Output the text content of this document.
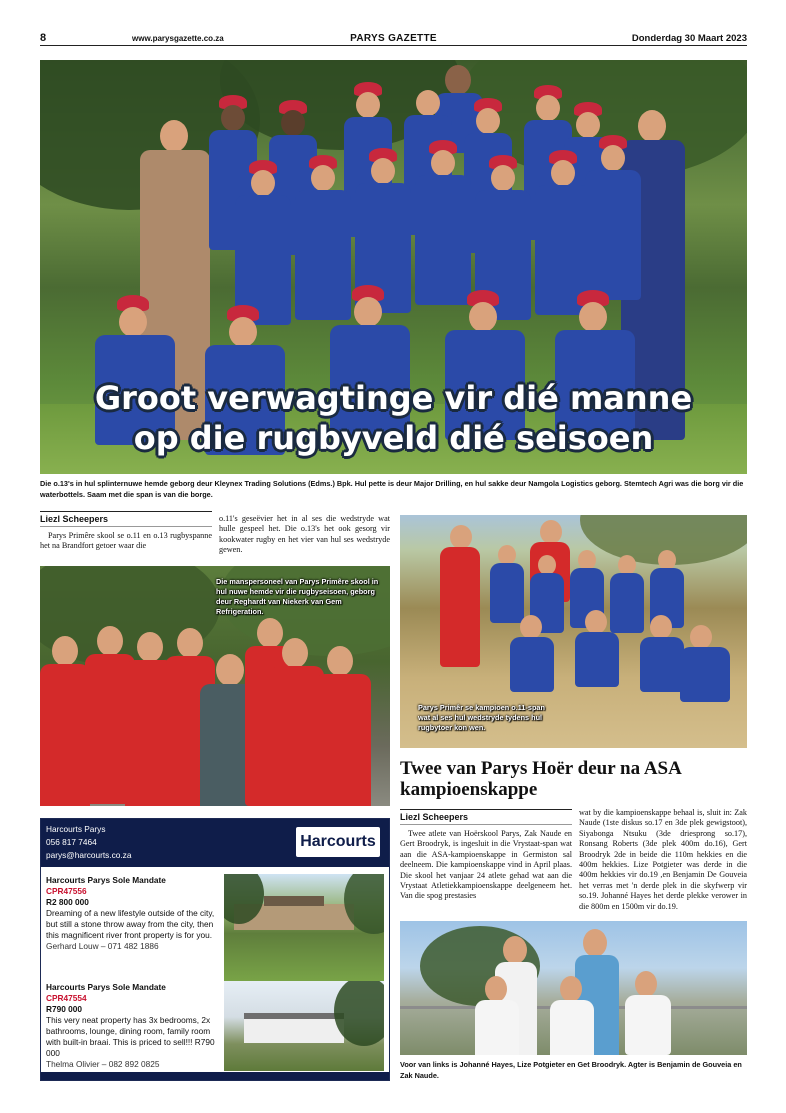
8	www.parysgazette.co.za	PARYS GAZETTE	Donderdag 30 Maart 2023
Groot verwagtinge vir dié manne
op die rugbyveld dié seisoen
Die o.13's in hul splinternuwe hemde geborg deur Kleynex Trading Solutions (Edms.) Bpk. Hul pette is deur Major Drilling, en hul sakke deur Namgola Logistics geborg. Stemtech Agri was die borg vir die waterbottels. Saam met die span is van die borge.
Liezl Scheepers
Parys Primêre skool se o.11 en o.13 rugbyspanne het na Brandfort getoer waar die
o.11's geseëvier het in al ses die wedstryde wat hulle gespeel het. Die o.13's het ook gesorg vir kookwater rugby en het vier van hul ses wedstryde gewen.
Die manspersoneel van Parys Primêre skool in hul nuwe hemde vir die rugbyseisoen, geborg deur Reghardt van Niekerk van Gem Refrigeration.
Parys Primêr se kampioen o.11-span wat al ses hul wedstryde tydens hul rugbytoer kon wen.
Twee van Parys Hoër deur na ASA kampioenskappe
Harcourts Parys
056 817 7464
parys@harcourts.co.za
Harcourts
Harcourts Parys Sole Mandate
CPR47556
R2 800 000
Dreaming of a new lifestyle outside of the city, but still a stone throw away from the city, then this magnificent river front property is for you.
Gerhard Louw – 071 482 1886
Harcourts Parys Sole Mandate
CPR47554
R790 000
This very neat property has 3x bedrooms, 2x bathrooms, lounge, dining room, family room with built-in braai. This is priced to sell!!! R790 000
Thelma Olivier – 082 892 0825
Liezl Scheepers
Twee atlete van Hoërskool Parys, Zak Naude en Gert Broodryk, is ingesluit in die Vrystaat-span wat aan die ASA-kampioenskappe in Germiston sal deelneem. Die kampioenskappe vind in April plaas. Die skool het vanjaar 24 atlete gehad wat aan die Vrystaat Atletiekkampioenskappe deelgeneem het. Van die spog prestasies
wat by die kampioenskappe behaal is, sluit in: Zak Naude (1ste diskus so.17 en 3de plek gewigstoot), Siyabonga Ntsuku (3de driesprong so.17), Ronsang Roberts (3de plek 400m do.16), Gert Broodryk 2de in beide die 110m hekkies en die 400m hekkies. Lize Potgieter was derde in die 400m hekkies vir do.19 ,en Benjamin De Gouveia het verras met 'n derde plek in die skyfwerp vir so.19. Johanné Hayes het derde plekke verower in die 800m en 1500m vir do.19.
Voor van links is Johanné Hayes, Lize Potgieter en Get Broodryk. Agter is Benjamin de Gouveia en Zak Naude.
